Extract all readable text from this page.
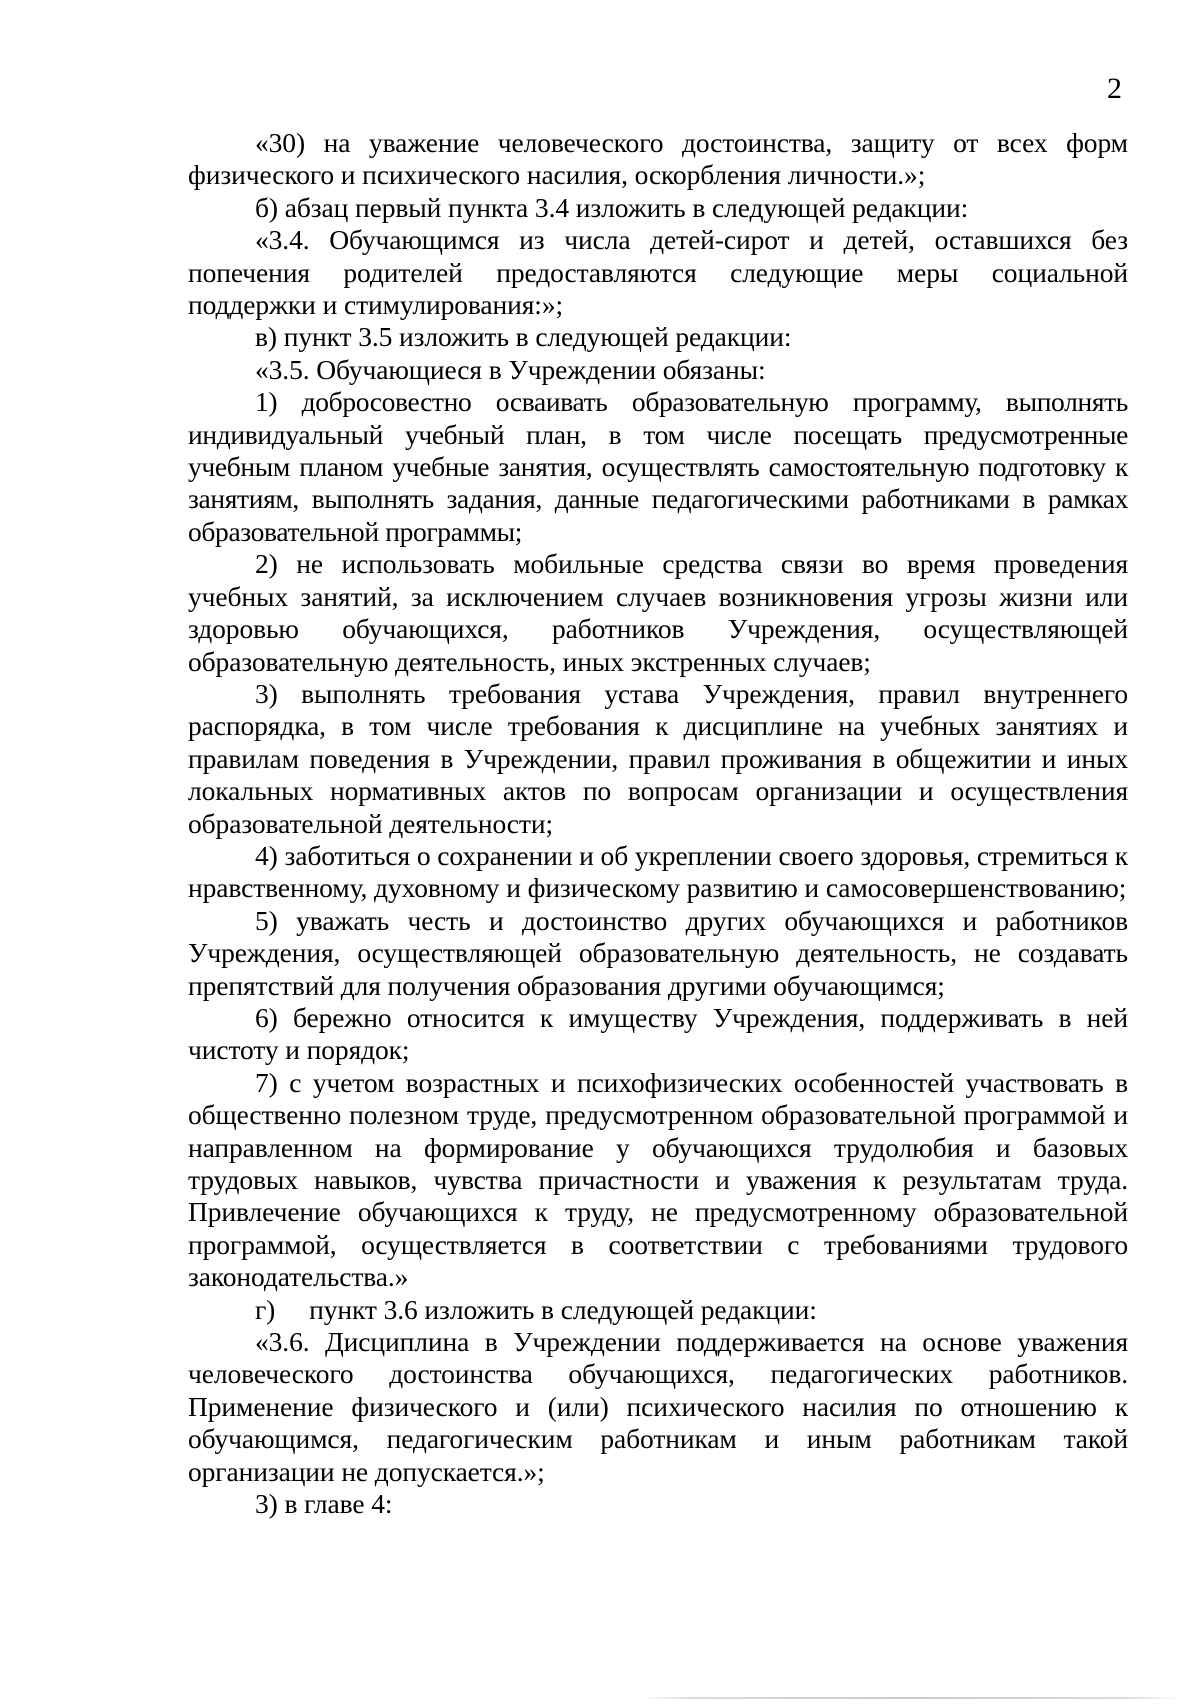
2

«30) на уважение человеческого достоинства, защиту от всех форм физического и психического насилия, оскорбления личности.»;

б) абзац первый пункта 3.4 изложить в следующей редакции:

«3.4. Обучающимся из числа детей-сирот и детей, оставшихся без попечения родителей предоставляются следующие меры социальной поддержки и стимулирования:»;

в) пункт 3.5 изложить в следующей редакции:

«3.5. Обучающиеся в Учреждении обязаны:

1) добросовестно осваивать образовательную программу, выполнять индивидуальный учебный план, в том числе посещать предусмотренные учебным планом учебные занятия, осуществлять самостоятельную подготовку к занятиям, выполнять задания, данные педагогическими работниками в рамках образовательной программы;

2) не использовать мобильные средства связи во время проведения учебных занятий, за исключением случаев возникновения угрозы жизни или здоровью обучающихся, работников Учреждения, осуществляющей образовательную деятельность, иных экстренных случаев;

3) выполнять требования устава Учреждения, правил внутреннего распорядка, в том числе требования к дисциплине на учебных занятиях и правилам поведения в Учреждении, правил проживания в общежитии и иных локальных нормативных актов по вопросам организации и осуществления образовательной деятельности;

4) заботиться о сохранении и об укреплении своего здоровья, стремиться к нравственному, духовному и физическому развитию и самосовершенствованию;

5) уважать честь и достоинство других обучающихся и работников Учреждения, осуществляющей образовательную деятельность, не создавать препятствий для получения образования другими обучающимся;

6) бережно относится к имуществу Учреждения, поддерживать в ней чистоту и порядок;

7) с учетом возрастных и психофизических особенностей участвовать в общественно полезном труде, предусмотренном образовательной программой и направленном на формирование у обучающихся трудолюбия и базовых трудовых навыков, чувства причастности и уважения к результатам труда. Привлечение обучающихся к труду, не предусмотренному образовательной программой, осуществляется в соответствии с требованиями трудового законодательства.»

г)     пункт 3.6 изложить в следующей редакции:

«3.6. Дисциплина в Учреждении поддерживается на основе уважения человеческого достоинства обучающихся, педагогических работников. Применение физического и (или) психического насилия по отношению к обучающимся, педагогическим работникам и иным работникам такой организации не допускается.»;

3) в главе 4:
